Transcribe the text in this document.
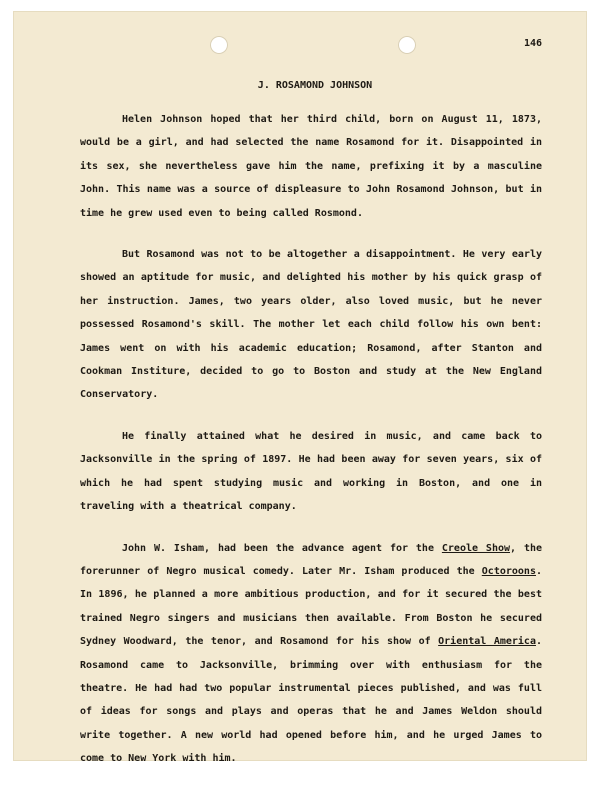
146
J. ROSAMOND JOHNSON

Helen Johnson hoped that her third child, born on August 11, 1873, would be a girl, and had selected the name Rosamond for it. Disappointed in its sex, she nevertheless gave him the name, prefixing it by a masculine John. This name was a source of displeasure to John Rosamond Johnson, but in time he grew used even to being called Rosmond.

But Rosamond was not to be altogether a disappointment. He very early showed an aptitude for music, and delighted his mother by his quick grasp of her instruction. James, two years older, also loved music, but he never possessed Rosamond's skill. The mother let each child follow his own bent: James went on with his academic education; Rosamond, after Stanton and Cookman Institure, decided to go to Boston and study at the New England Conservatory.

He finally attained what he desired in music, and came back to Jacksonville in the spring of 1897. He had been away for seven years, six of which he had spent studying music and working in Boston, and one in traveling with a theatrical company.

John W. Isham, had been the advance agent for the Creole Show, the forerunner of Negro musical comedy. Later Mr. Isham produced the Octoroons. In 1896, he planned a more ambitious production, and for it secured the best trained Negro singers and musicians then available. From Boston he secured Sydney Woodward, the tenor, and Rosamond for his show of Oriental America. Rosamond came to Jacksonville, brimming over with enthusiasm for the theatre. He had had two popular instrumental pieces published, and was full of ideas for songs and plays and operas that he and James Weldon should write together. A new world had opened before him, and he urged James to come to New York with him.
